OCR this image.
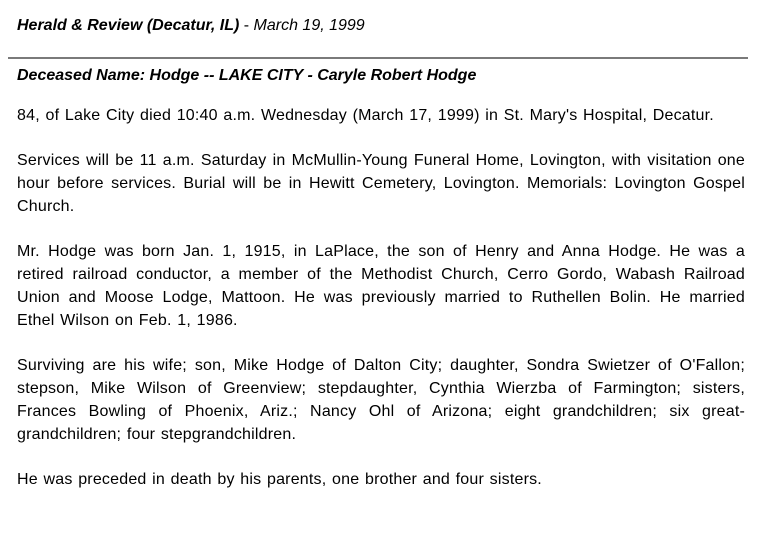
Herald & Review (Decatur, IL) - March 19, 1999
Deceased Name: Hodge -- LAKE CITY - Caryle Robert Hodge

84, of Lake City died 10:40 a.m. Wednesday (March 17, 1999) in St. Mary's Hospital, Decatur.

Services will be 11 a.m. Saturday in McMullin-Young Funeral Home, Lovington, with visitation one hour before services. Burial will be in Hewitt Cemetery, Lovington. Memorials: Lovington Gospel Church.

Mr. Hodge was born Jan. 1, 1915, in LaPlace, the son of Henry and Anna Hodge. He was a retired railroad conductor, a member of the Methodist Church, Cerro Gordo, Wabash Railroad Union and Moose Lodge, Mattoon. He was previously married to Ruthellen Bolin. He married Ethel Wilson on Feb. 1, 1986.

Surviving are his wife; son, Mike Hodge of Dalton City; daughter, Sondra Swietzer of O'Fallon; stepson, Mike Wilson of Greenview; stepdaughter, Cynthia Wierzba of Farmington; sisters, Frances Bowling of Phoenix, Ariz.; Nancy Ohl of Arizona; eight grandchildren; six great-grandchildren; four stepgrandchildren.

He was preceded in death by his parents, one brother and four sisters.
